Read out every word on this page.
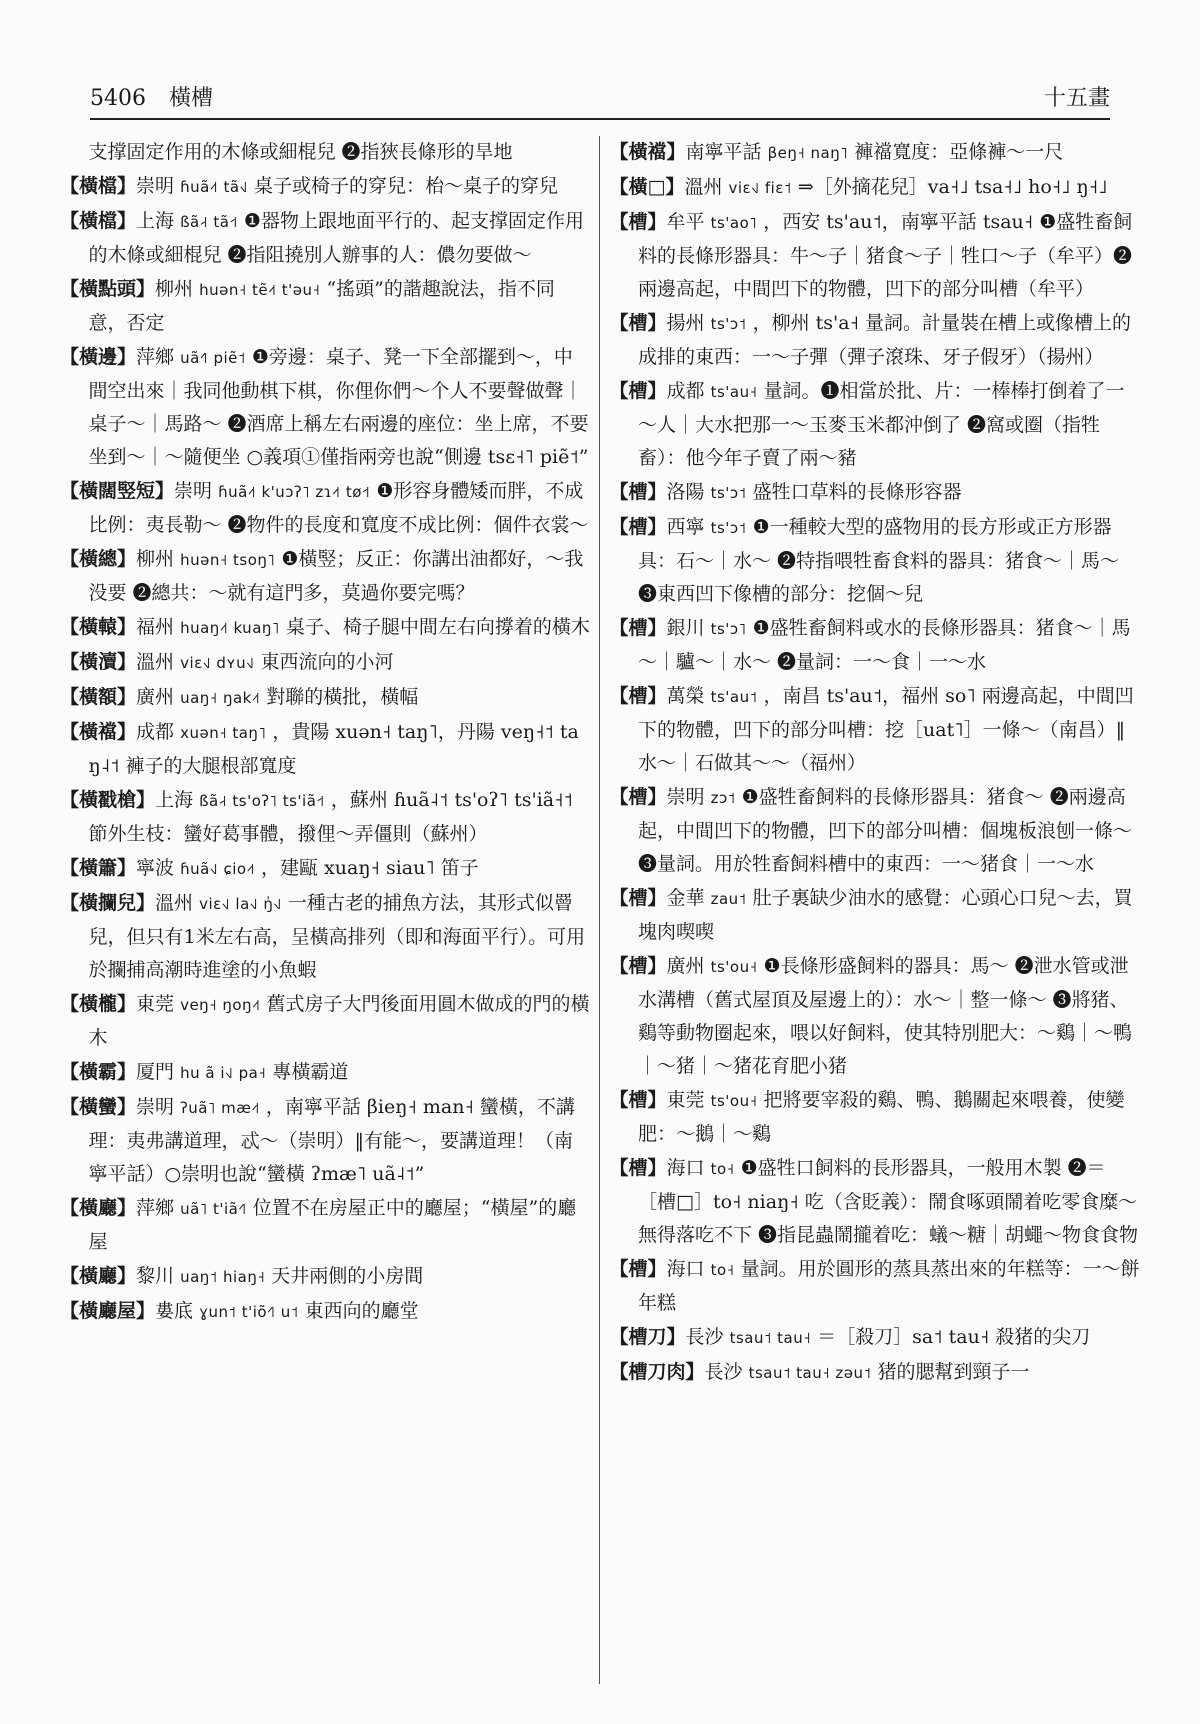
5406 橫槽	十五畫

支撑固定作用的木條或細棍兒 ❷指狹長條形的旱地

【橫檔】崇明 ɦuã˨˦ tã˧˩ 桌子或椅子的穿兒：枱～桌子的穿兒

【橫檔】上海 ßã˨˧ tã˧˦ ❶器物上跟地面平行的、起支撑固定作用的木條或細棍兒 ❷指阻撓別人辦事的人：儂勿要做～

【橫點頭】柳州 huən˧ tẽ˨˦ t'əu˧ “搖頭”的諧趣說法，指不同意，否定

【橫邊】萍鄉 uã˧˥ piẽ˦ ❶旁邊：桌子、凳一下全部擺到～，中間空出來｜我同他動棋下棋，你俚你們～个人不要聲做聲｜桌子～｜馬路～ ❷酒席上稱左右兩邊的座位：坐上席，不要坐到～｜～隨便坐 ○義項①僅指兩旁也說“側邊 tsɛ˧˥ piẽ˦”

【橫闊竪短】崇明 ɦuã˨˦ k'uɔʔ˥ zɿ˨˦ tø˧˦ ❶形容身體矮而胖，不成比例：夷長勒～ ❷物件的長度和寬度不成比例：個件衣裳～

【橫總】柳州 huən˧ tsoŋ˥ ❶橫竪；反正：你講出油都好，～我没要 ❷總共：～就有這門多，莫過你要完嗎？

【橫轅】福州 huaŋ˨˦ kuaŋ˥ 桌子、椅子腿中間左右向撐着的橫木

【橫瀆】溫州 viɛ˧˩ dʏu˧˩ 東西流向的小河

【橫額】廣州 uaŋ˧ ŋak˨˦ 對聯的橫批，橫幅

【橫襠】成都 xuən˧ taŋ˥ ，貴陽 xuən˧ taŋ˥，丹陽 veŋ˧˦ taŋ˨˦ 褲子的大腿根部寬度

【橫戳槍】上海 ßã˨˧ ts'oʔ˥ ts'iã˧˦ ，蘇州 ɦuã˨˦ ts'oʔ˥ ts'iã˧˦ 節外生枝：蠻好葛事體，撥俚～弄僵則（蘇州）

【橫簫】寧波 ɦuã˧˩ ɕio˨˦ ，建甌 xuaŋ˧ siau˥ 笛子

【橫攔兒】溫州 viɛ˧˩ la˧˩ ŋ̍˧˩ 一種古老的捕魚方法，其形式似罾兒，但只有1米左右高，呈橫高排列（即和海面平行）。可用於攔捕高潮時進塗的小魚蝦

【橫櫳】東莞 veŋ˧ ŋoŋ˨˦ 舊式房子大門後面用圓木做成的門的橫木

【橫霸】厦門 hu ã i˧˩ pa˧ 專橫霸道

【橫蠻】崇明 ʔuã˥ mæ˨˦ ，南寧平話 βieŋ˧ man˧ 蠻橫，不講理：夷弗講道理，忒～（崇明）‖有能～，要講道理！（南寧平話）○崇明也說“蠻橫 ʔmæ˥ uã˨˦”

【橫廳】萍鄉 uã˥ t'iã˧˥ 位置不在房屋正中的廳屋；“橫屋”的廳屋

【橫廳】黎川 uaŋ˦ hiaŋ˧ 天井兩側的小房間

【橫廳屋】婁底 ɣun˦ t'iõ˧˥ u˦ 東西向的廳堂

【橫襠】南寧平話 βeŋ˧ naŋ˥ 褲襠寬度：亞條褲～一尺

【橫□】溫州 viɛ˧˩ fiɛ˦ ⇒［外摘花兒］va˧˩ tsa˧˩ ho˧˩ ŋ˧˩

【槽】牟平 ts'ao˥ ，西安 ts'au˦，南寧平話 tsau˧ ❶盛牲畜飼料的長條形器具：牛～子｜猪食～子｜牲口～子（牟平）❷兩邊高起，中間凹下的物體，凹下的部分叫槽（牟平）

【槽】揚州 ts'ɔ˦ ，柳州 ts'a˧ 量詞。計量裝在槽上或像槽上的成排的東西：一～子彈（彈子滾珠、牙子假牙）（揚州）

【槽】成都 ts'au˧ 量詞。❶相當於批、片：一棒棒打倒着了一～人｜大水把那一～玉麥玉米都沖倒了 ❷窩或圈（指牲畜）：他今年子賣了兩～豬

【槽】洛陽 ts'ɔ˦ 盛牲口草料的長條形容器

【槽】西寧 ts'ɔ˦ ❶一種較大型的盛物用的長方形或正方形器具：石～｜水～ ❷特指喂牲畜食料的器具：猪食～｜馬～ ❸東西凹下像槽的部分：挖個～兒

【槽】銀川 ts'ɔ˥ ❶盛牲畜飼料或水的長條形器具：猪食～｜馬～｜驢～｜水～ ❷量詞：一～食｜一～水

【槽】萬榮 ts'au˦ ，南昌 ts'au˦，福州 so˥ 兩邊高起，中間凹下的物體，凹下的部分叫槽：挖［uat˥］一條～（南昌）‖水～｜石做其～～（福州）

【槽】崇明 zɔ˦ ❶盛牲畜飼料的長條形器具：猪食～ ❷兩邊高起，中間凹下的物體，凹下的部分叫槽：個塊板浪刨一條～ ❸量詞。用於牲畜飼料槽中的東西：一～猪食｜一～水

【槽】金華 zau˦ 肚子裏缺少油水的感覺：心頭心口兒～去，買塊肉喫喫

【槽】廣州 ts'ou˧ ❶長條形盛飼料的器具：馬～ ❷泄水管或泄水溝槽（舊式屋頂及屋邊上的）：水～｜整一條～ ❸將猪、鷄等動物圈起來，喂以好飼料，使其特別肥大：～鷄｜～鴨｜～猪｜～猪花育肥小猪

【槽】東莞 ts'ou˧ 把將要宰殺的鷄、鴨、鵝關起來喂養，使變肥：～鵝｜～鷄

【槽】海口 to˧ ❶盛牲口飼料的長形器具，一般用木製 ❷＝［槽□］to˧ niaŋ˧ 吃（含貶義）：鬧食啄頭鬧着吃零食糜～無得落吃不下 ❸指昆蟲鬧攏着吃：蟻～糖｜胡蠅～物食食物

【槽】海口 to˧ 量詞。用於圓形的蒸具蒸出來的年糕等：一～餅年糕

【槽刀】長沙 tsau˦ tau˧ ＝［殺刀］sa˦ tau˧ 殺猪的尖刀

【槽刀肉】長沙 tsau˦ tau˧ zəu˦ 猪的腮幫到頸子一
